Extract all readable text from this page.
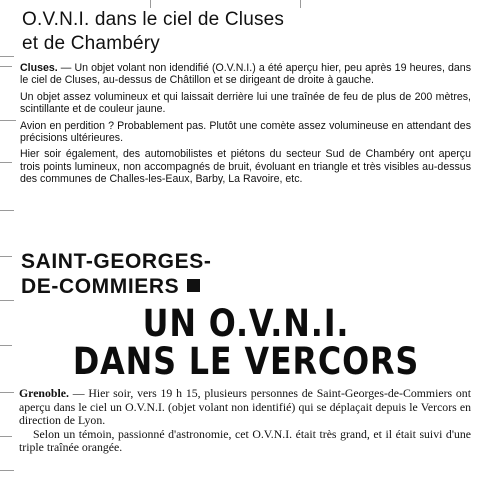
O.V.N.I. dans le ciel de Cluses
et de Chambéry

Cluses. — Un objet volant non idendifié (O.V.N.I.) a été aperçu hier, peu après 19 heures, dans le ciel de Cluses, au-dessus de Châtillon et se dirigeant de droite à gauche.

Un objet assez volumineux et qui laissait derrière lui une traînée de feu de plus de 200 mètres, scintillante et de couleur jaune.

Avion en perdition ? Probablement pas. Plutôt une comète assez volumineuse en attendant des précisions ultérieures.

Hier soir également, des automobilistes et piétons du secteur Sud de Chambéry ont aperçu trois points lumineux, non accompagnés de bruit, évoluant en triangle et très visibles au-dessus des communes de Challes-les-Eaux, Barby, La Ravoire, etc.

SAINT-GEORGES-
DE-COMMIERS
UN O.V.N.I.
DANS LE VERCORS

Grenoble. — Hier soir, vers 19 h 15, plusieurs personnes de Saint-Georges-de-Commiers ont aperçu dans le ciel un O.V.N.I. (objet volant non identifié) qui se déplaçait depuis le Vercors en direction de Lyon.

Selon un témoin, passionné d'astronomie, cet O.V.N.I. était très grand, et il était suivi d'une triple traînée orangée.
